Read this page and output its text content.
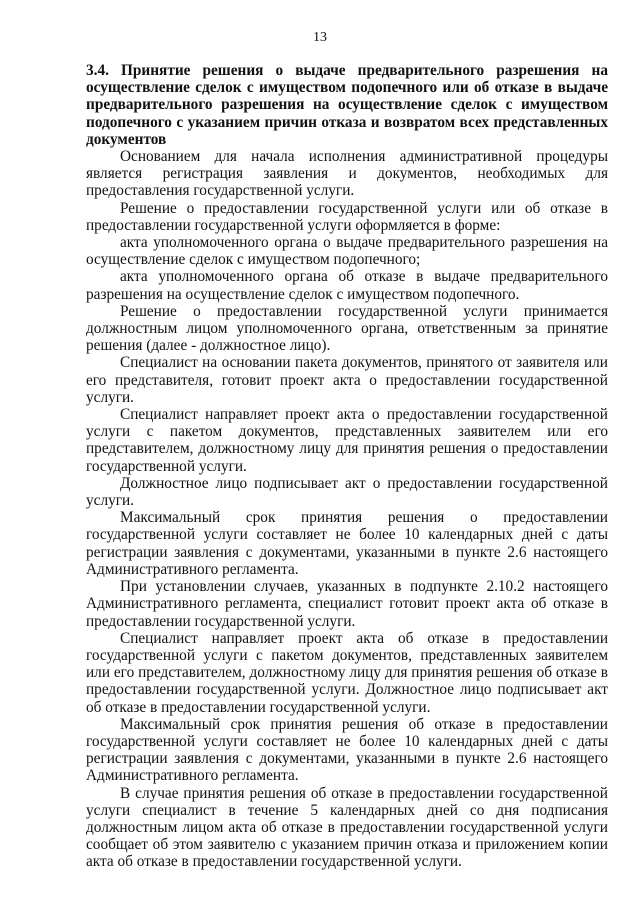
13

3.4. Принятие решения о выдаче предварительного разрешения на осуществление сделок с имуществом подопечного или об отказе в выдаче предварительного разрешения на осуществление сделок с имуществом подопечного с указанием причин отказа и возвратом всех представленных документов

Основанием для начала исполнения административной процедуры является регистрация заявления и документов, необходимых для предоставления государственной услуги.

Решение о предоставлении государственной услуги или об отказе в предоставлении государственной услуги оформляется в форме:

акта уполномоченного органа о выдаче предварительного разрешения на осуществление сделок с имуществом подопечного;

акта уполномоченного органа об отказе в выдаче предварительного разрешения на осуществление сделок с имуществом подопечного.

Решение о предоставлении государственной услуги принимается должностным лицом уполномоченного органа, ответственным за принятие решения (далее - должностное лицо).

Специалист на основании пакета документов, принятого от заявителя или его представителя, готовит проект акта о предоставлении государственной услуги.

Специалист направляет проект акта о предоставлении государственной услуги с пакетом документов, представленных заявителем или его представителем, должностному лицу для принятия решения о предоставлении государственной услуги.

Должностное лицо подписывает акт о предоставлении государственной услуги.

Максимальный срок принятия решения о предоставлении государственной услуги составляет не более 10 календарных дней с даты регистрации заявления с документами, указанными в пункте 2.6 настоящего Административного регламента.

При установлении случаев, указанных в подпункте 2.10.2 настоящего Административного регламента, специалист готовит проект акта об отказе в предоставлении государственной услуги.

Специалист направляет проект акта об отказе в предоставлении государственной услуги с пакетом документов, представленных заявителем или его представителем, должностному лицу для принятия решения об отказе в предоставлении государственной услуги. Должностное лицо подписывает акт об отказе в предоставлении государственной услуги.

Максимальный срок принятия решения об отказе в предоставлении государственной услуги составляет не более 10 календарных дней с даты регистрации заявления с документами, указанными в пункте 2.6 настоящего Административного регламента.

В случае принятия решения об отказе в предоставлении государственной услуги специалист в течение 5 календарных дней со дня подписания должностным лицом акта об отказе в предоставлении государственной услуги сообщает об этом заявителю с указанием причин отказа и приложением копии акта об отказе в предоставлении государственной услуги.
